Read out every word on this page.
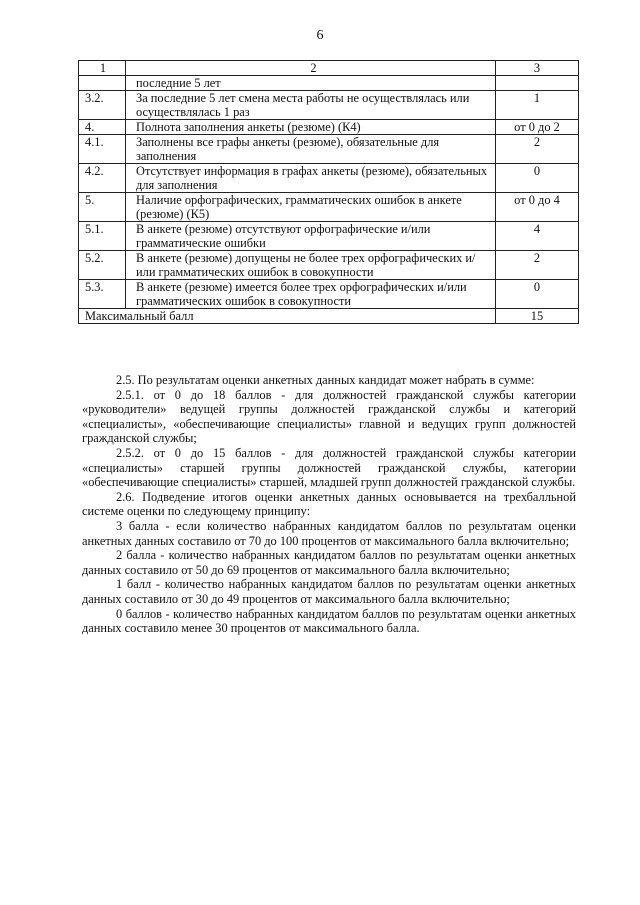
6
1	2	3
	последние 5 лет	
3.2.	За последние 5 лет смена места работы не осуществлялась или осуществлялась 1 раз	1
4.	Полнота заполнения анкеты (резюме) (К4)	от 0 до 2
4.1.	Заполнены все графы анкеты (резюме), обязательные для заполнения	2
4.2.	Отсутствует информация в графах анкеты (резюме), обязательных для заполнения	0
5.	Наличие орфографических, грамматических ошибок в анкете (резюме) (К5)	от 0 до 4
5.1.	В анкете (резюме) отсутствуют орфографические и/или грамматические ошибки	4
5.2.	В анкете (резюме) допущены не более трех орфографических и/или грамматических ошибок в совокупности	2
5.3.	В анкете (резюме) имеется более трех орфографических и/или грамматических ошибок в совокупности	0
Максимальный балл		15

2.5. По результатам оценки анкетных данных кандидат может набрать в сумме:

2.5.1. от 0 до 18 баллов - для должностей гражданской службы категории «руководители» ведущей группы должностей гражданской службы и категорий «специалисты», «обеспечивающие специалисты» главной и ведущих групп должностей гражданской службы;

2.5.2. от 0 до 15 баллов - для должностей гражданской службы категории «специалисты» старшей группы должностей гражданской службы, категории «обеспечивающие специалисты» старшей, младшей групп должностей гражданской службы.

2.6. Подведение итогов оценки анкетных данных основывается на трехбалльной системе оценки по следующему принципу:

3 балла - если количество набранных кандидатом баллов по результатам оценки анкетных данных составило от 70 до 100 процентов от максимального балла включительно;

2 балла - количество набранных кандидатом баллов по результатам оценки анкетных данных составило от 50 до 69 процентов от максимального балла включительно;

1 балл - количество набранных кандидатом баллов по результатам оценки анкетных данных составило от 30 до 49 процентов от максимального балла включительно;

0 баллов - количество набранных кандидатом баллов по результатам оценки анкетных данных составило менее 30 процентов от максимального балла.
